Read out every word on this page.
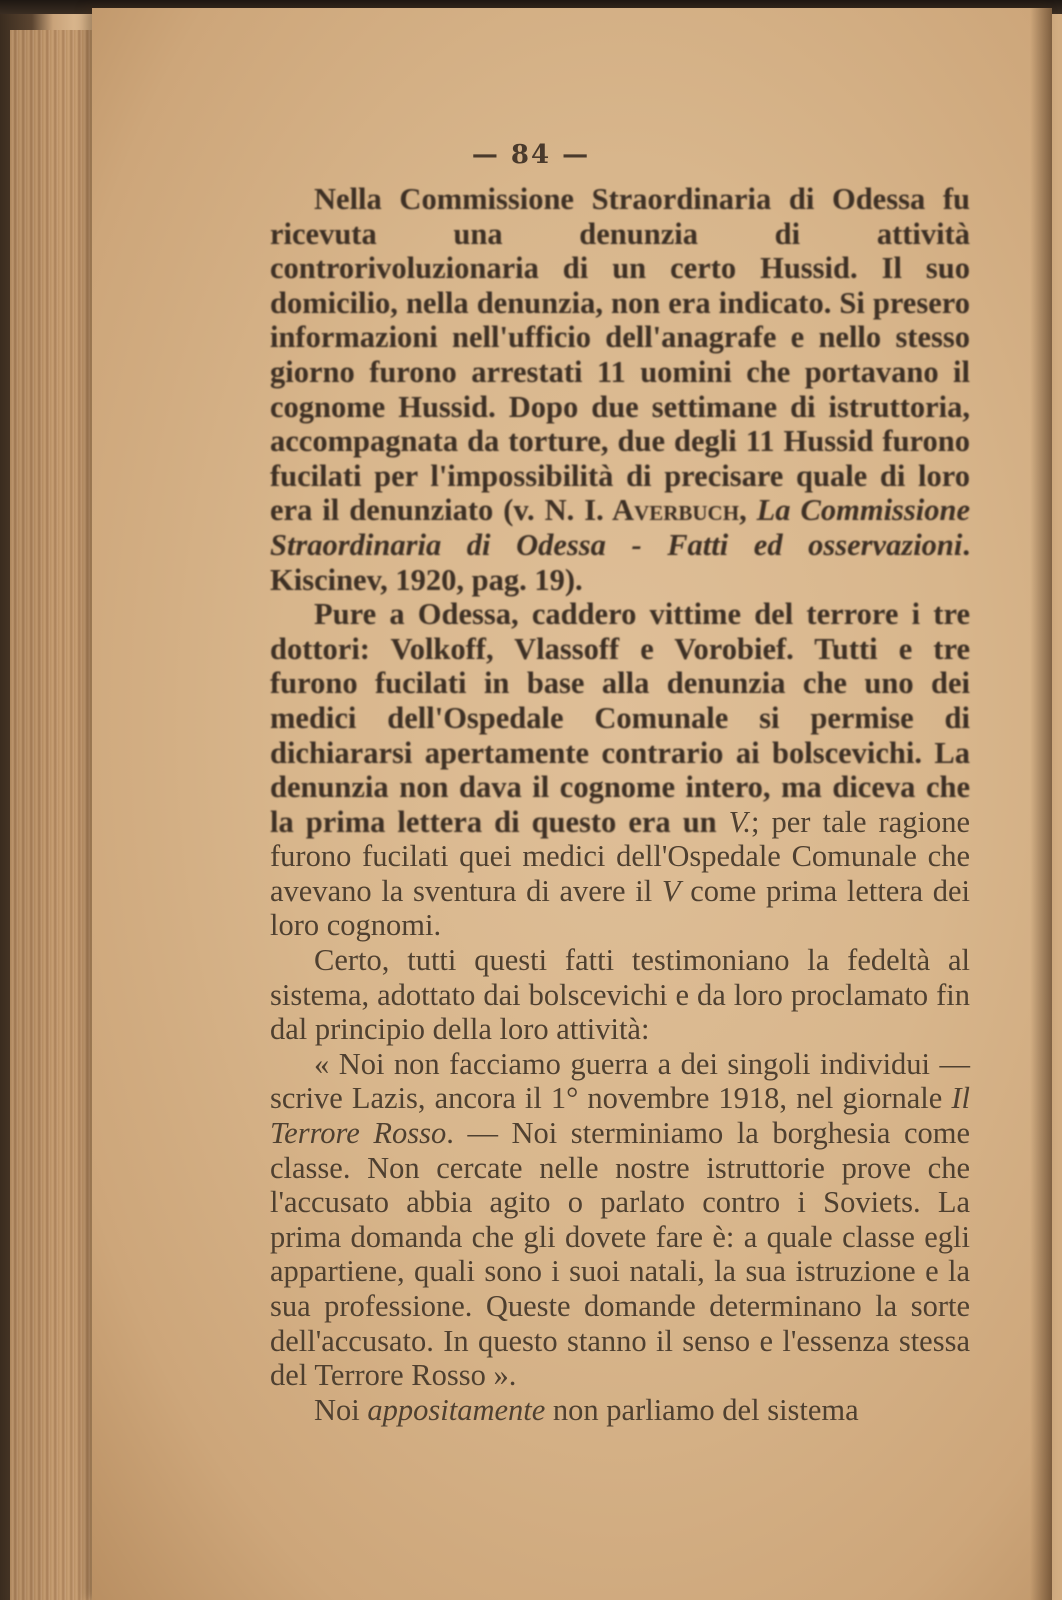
— 84 —

Nella Commissione Straordinaria di Odessa fu ricevuta una denunzia di attività controrivoluzionaria di un certo Hussid. Il suo domicilio, nella denunzia, non era indicato. Si presero informazioni nell'ufficio dell'anagrafe e nello stesso giorno furono arrestati 11 uomini che portavano il cognome Hussid. Dopo due settimane di istruttoria, accompagnata da torture, due degli 11 Hussid furono fucilati per l'impossibilità di precisare quale di loro era il denunziato (v. N. I. Averbuch, La Commissione Straordinaria di Odessa - Fatti ed osservazioni. Kiscinev, 1920, pag. 19).

Pure a Odessa, caddero vittime del terrore i tre dottori: Volkoff, Vlassoff e Vorobief. Tutti e tre furono fucilati in base alla denunzia che uno dei medici dell'Ospedale Comunale si permise di dichiararsi apertamente contrario ai bolscevichi. La denunzia non dava il cognome intero, ma diceva che la prima lettera di questo era un V.; per tale ragione furono fucilati quei medici dell'Ospedale Comunale che avevano la sventura di avere il V come prima lettera dei loro cognomi.

Certo, tutti questi fatti testimoniano la fedeltà al sistema, adottato dai bolscevichi e da loro proclamato fin dal principio della loro attività:

« Noi non facciamo guerra a dei singoli individui — scrive Lazis, ancora il 1° novembre 1918, nel giornale Il Terrore Rosso. — Noi sterminiamo la borghesia come classe. Non cercate nelle nostre istruttorie prove che l'accusato abbia agito o parlato contro i Soviets. La prima domanda che gli dovete fare è: a quale classe egli appartiene, quali sono i suoi natali, la sua istruzione e la sua professione. Queste domande determinano la sorte dell'accusato. In questo stanno il senso e l'essenza stessa del Terrore Rosso ».

Noi appositamente non parliamo del sistema
